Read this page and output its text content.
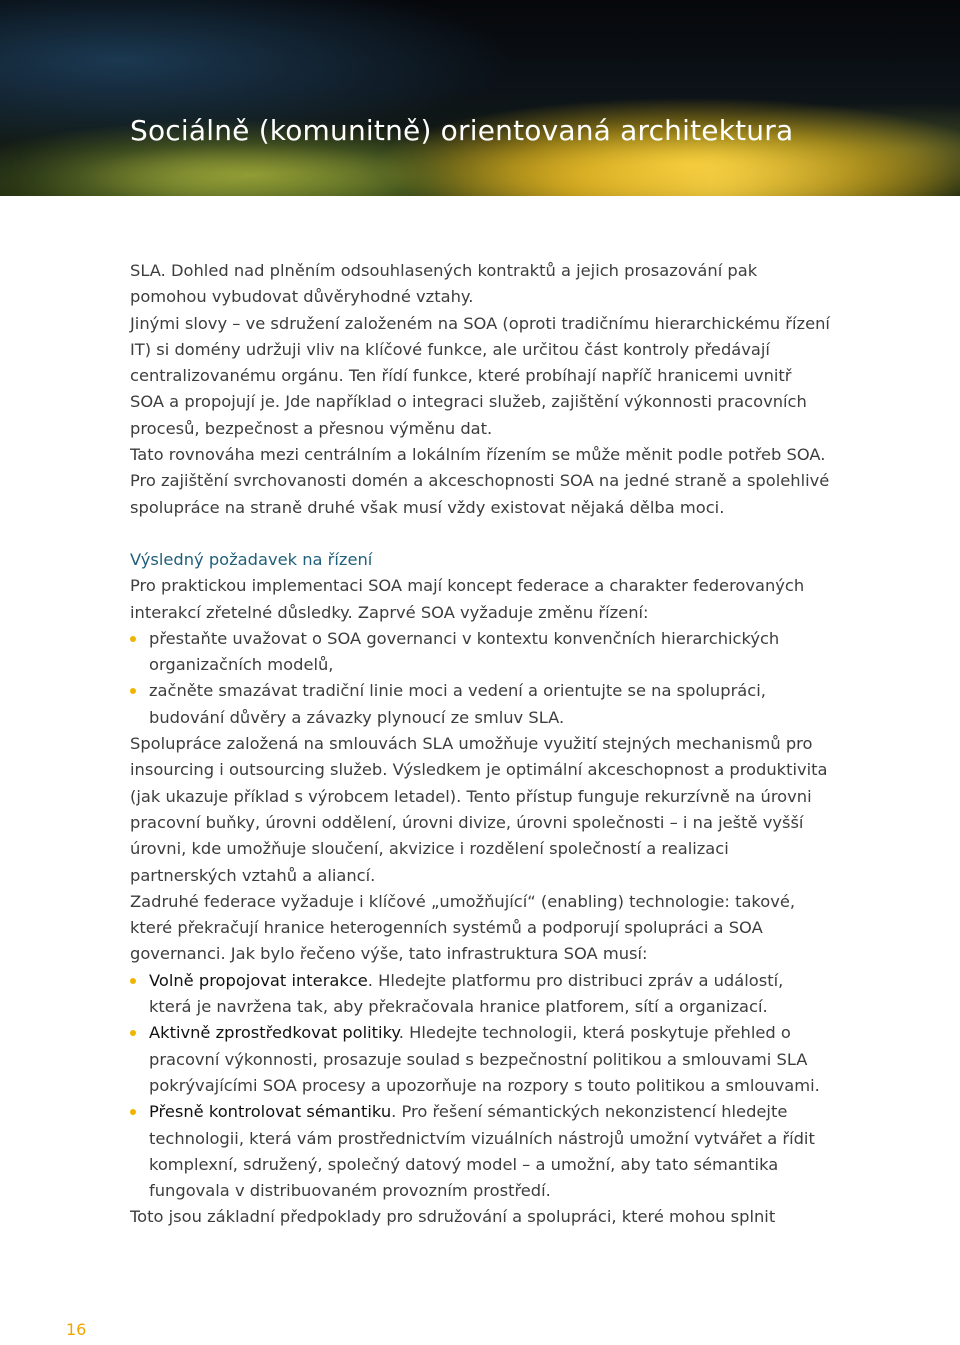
Sociálně (komunitně) orientovaná architektura

SLA. Dohled nad plněním odsouhlasených kontraktů a jejich prosazování pak pomohou vybudovat důvěryhodné vztahy.

Jinými slovy – ve sdružení založeném na SOA (oproti tradičnímu hierarchickému řízení IT) si domény udržuji vliv na klíčové funkce, ale určitou část kontroly předávají centralizovanému orgánu. Ten řídí funkce, které probíhají napříč hranicemi uvnitř SOA a propojují je. Jde například o integraci služeb, zajištění výkonnosti pracovních procesů, bezpečnost a přesnou výměnu dat.

Tato rovnováha mezi centrálním a lokálním řízením se může měnit podle potřeb SOA. Pro zajištění svrchovanosti domén a akceschopnosti SOA na jedné straně a spolehlivé spolupráce na straně druhé však musí vždy existovat nějaká dělba moci.

Výsledný požadavek na řízení

Pro praktickou implementaci SOA mají koncept federace a charakter federovaných interakcí zřetelné důsledky. Zaprvé SOA vyžaduje změnu řízení:

přestaňte uvažovat o SOA governanci v kontextu konvenčních hierarchických organizačních modelů,
začněte smazávat tradiční linie moci a vedení a orientujte se na spolupráci, budování důvěry a závazky plynoucí ze smluv SLA.

Spolupráce založená na smlouvách SLA umožňuje využití stejných mechanismů pro insourcing i outsourcing služeb. Výsledkem je optimální akceschopnost a produktivita (jak ukazuje příklad s výrobcem letadel). Tento přístup funguje rekurzívně na úrovni pracovní buňky, úrovni oddělení, úrovni divize, úrovni společnosti – i na ještě vyšší úrovni, kde umožňuje sloučení, akvizice i rozdělení společností a realizaci partnerských vztahů a aliancí.

Zadruhé federace vyžaduje i klíčové „umožňující“ (enabling) technologie: takové, které překračují hranice heterogenních systémů a podporují spolupráci a SOA governanci. Jak bylo řečeno výše, tato infrastruktura SOA musí:

Volně propojovat interakce. Hledejte platformu pro distribuci zpráv a událostí, která je navržena tak, aby překračovala hranice platforem, sítí a organizací.
Aktivně zprostředkovat politiky. Hledejte technologii, která poskytuje přehled o pracovní výkonnosti, prosazuje soulad s bezpečnostní politikou a smlouvami SLA pokrývajícími SOA procesy a upozorňuje na rozpory s touto politikou a smlouvami.
Přesně kontrolovat sémantiku. Pro řešení sémantických nekonzistencí hledejte technologii, která vám prostřednictvím vizuálních nástrojů umožní vytvářet a řídit komplexní, sdružený, společný datový model – a umožní, aby tato sémantika fungovala v distribuovaném provozním prostředí.

Toto jsou základní předpoklady pro sdružování a spolupráci, které mohou splnit

16
